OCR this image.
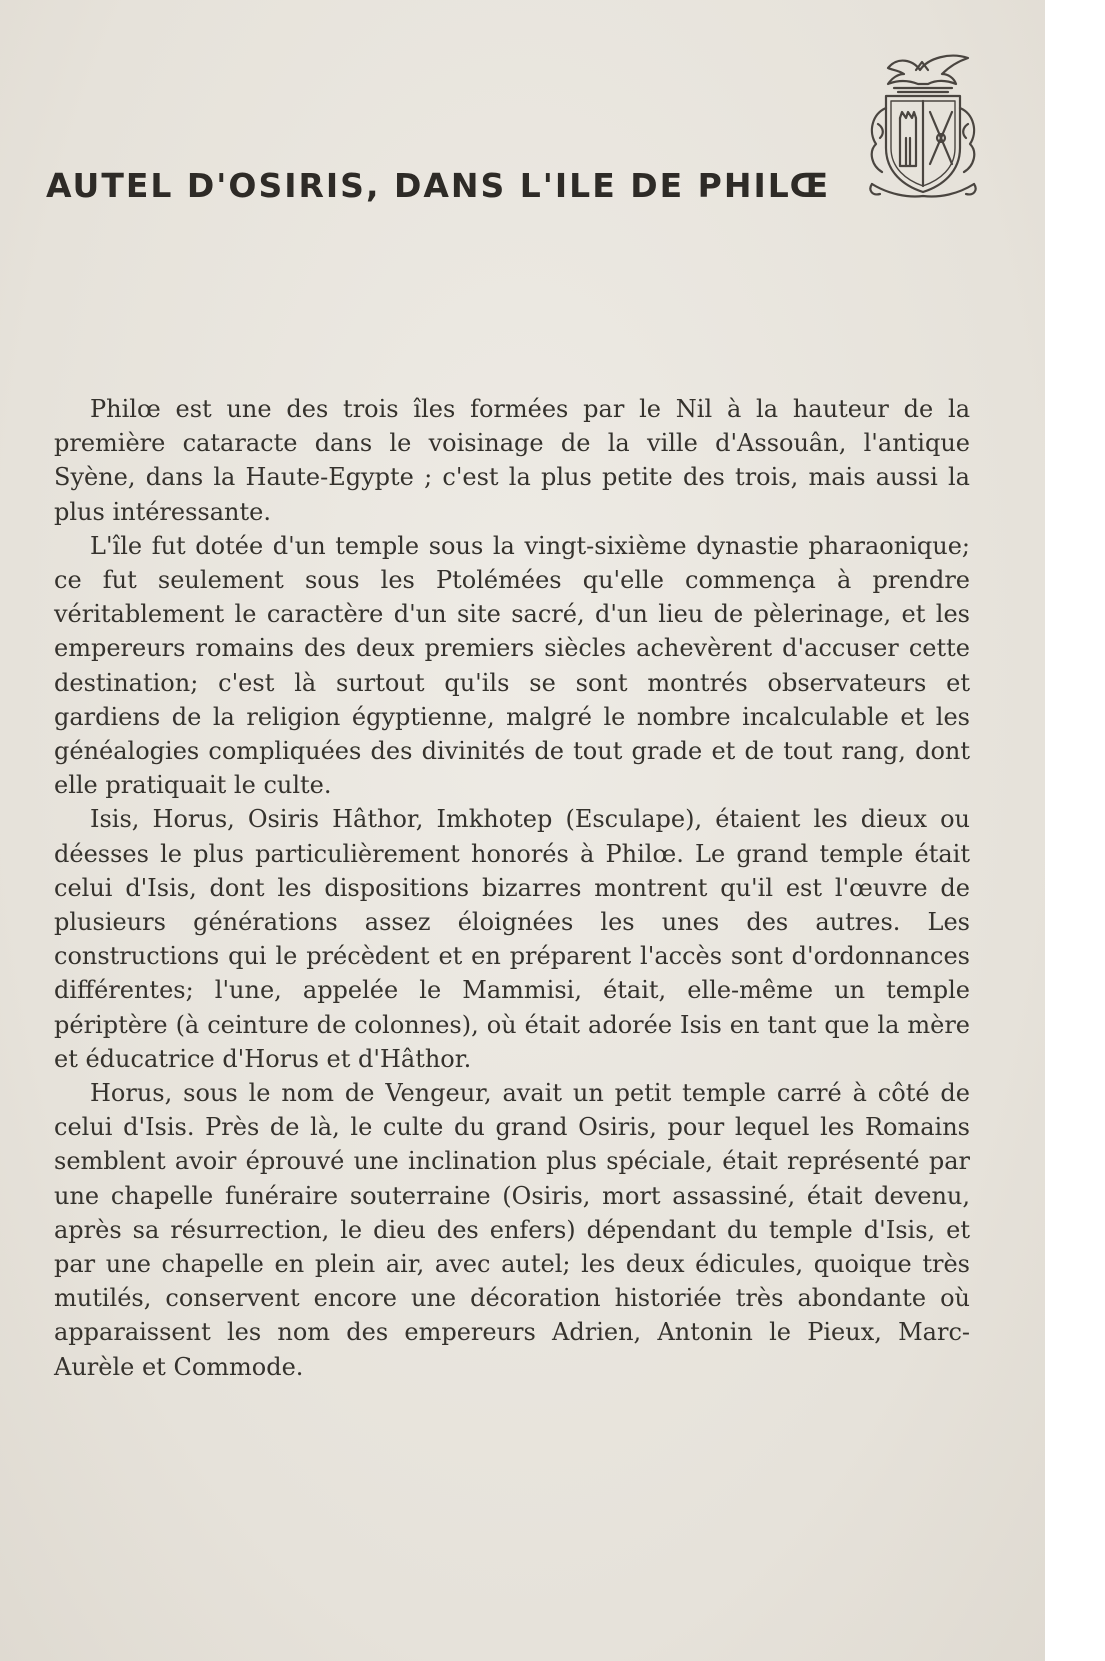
AUTEL D'OSIRIS, DANS L'ILE DE PHILŒ

Philœ est une des trois îles formées par le Nil à la hauteur de la première cataracte dans le voisinage de la ville d'Assouân, l'antique Syène, dans la Haute-Egypte ; c'est la plus petite des trois, mais aussi la plus intéressante.

L'île fut dotée d'un temple sous la vingt-sixième dynastie pharaonique; ce fut seulement sous les Ptolémées qu'elle commença à prendre véritablement le caractère d'un site sacré, d'un lieu de pèlerinage, et les empereurs romains des deux premiers siècles achevèrent d'accuser cette destination; c'est là surtout qu'ils se sont montrés observateurs et gardiens de la religion égyptienne, malgré le nombre incalculable et les généalogies compliquées des divinités de tout grade et de tout rang, dont elle pratiquait le culte.

Isis, Horus, Osiris Hâthor, Imkhotep (Esculape), étaient les dieux ou déesses le plus particulièrement honorés à Philœ. Le grand temple était celui d'Isis, dont les dispositions bizarres montrent qu'il est l'œuvre de plusieurs générations assez éloignées les unes des autres. Les constructions qui le précèdent et en préparent l'accès sont d'ordonnances différentes; l'une, appelée le Mammisi, était, elle-même un temple périptère (à ceinture de colonnes), où était adorée Isis en tant que la mère et éducatrice d'Horus et d'Hâthor.

Horus, sous le nom de Vengeur, avait un petit temple carré à côté de celui d'Isis. Près de là, le culte du grand Osiris, pour lequel les Romains semblent avoir éprouvé une inclination plus spéciale, était représenté par une chapelle funéraire souterraine (Osiris, mort assassiné, était devenu, après sa résurrection, le dieu des enfers) dépendant du temple d'Isis, et par une chapelle en plein air, avec autel; les deux édicules, quoique très mutilés, conservent encore une décoration historiée très abondante où apparaissent les nom des empereurs Adrien, Antonin le Pieux, Marc-Aurèle et Commode.
